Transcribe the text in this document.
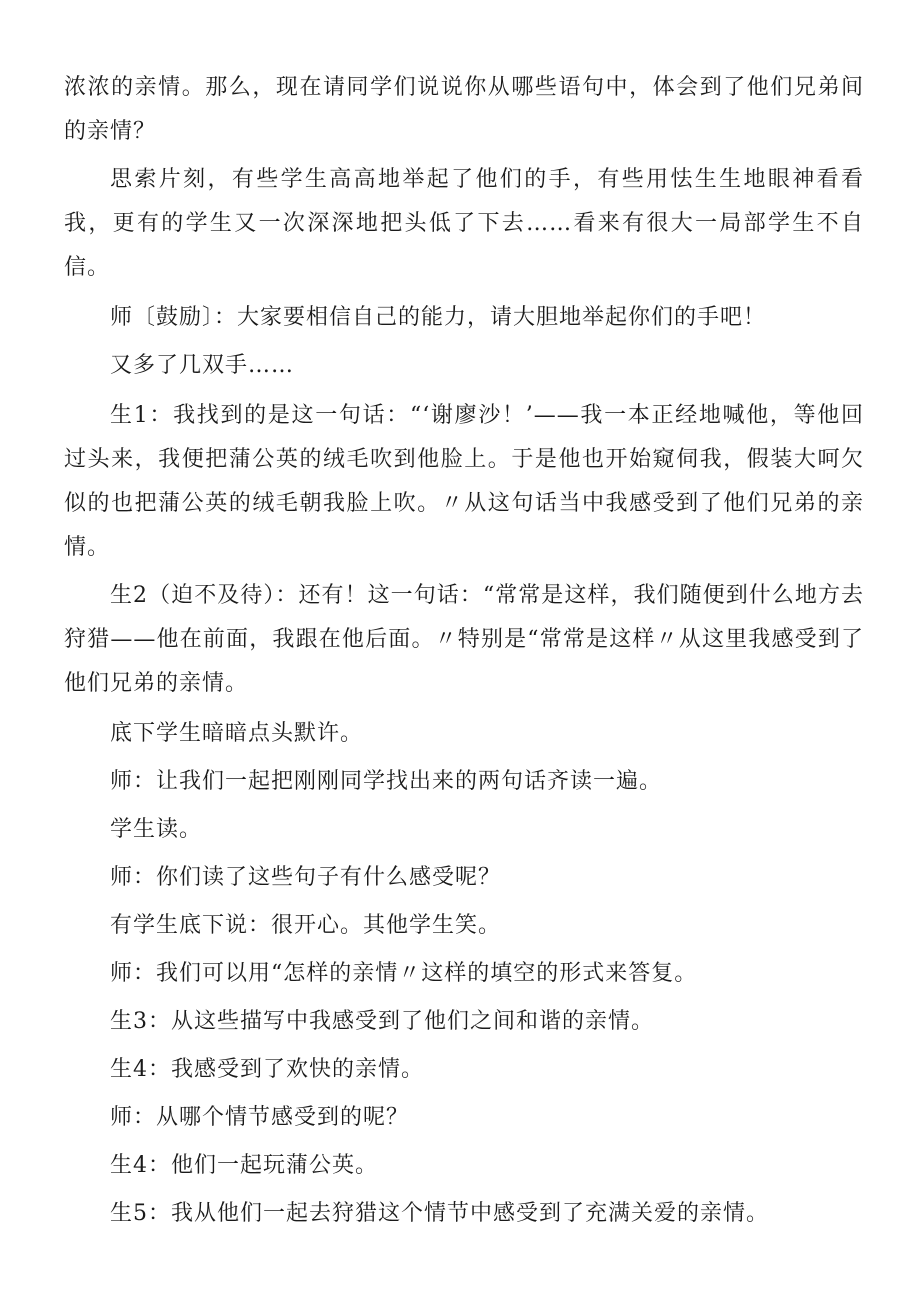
浓浓的亲情。那么，现在请同学们说说你从哪些语句中，体会到了他们兄弟间的亲情？

思索片刻，有些学生高高地举起了他们的手，有些用怯生生地眼神看看我，更有的学生又一次深深地把头低了下去……看来有很大一局部学生不自信。

师〔鼓励〕：大家要相信自己的能力，请大胆地举起你们的手吧！

又多了几双手……

生1：我找到的是这一句话：“‘谢廖沙！’——我一本正经地喊他，等他回过头来，我便把蒲公英的绒毛吹到他脸上。于是他也开始窥伺我，假装大呵欠似的也把蒲公英的绒毛朝我脸上吹。〃从这句话当中我感受到了他们兄弟的亲情。

生2（迫不及待）：还有！这一句话：“常常是这样，我们随便到什么地方去狩猎——他在前面，我跟在他后面。〃特别是“常常是这样〃从这里我感受到了他们兄弟的亲情。

底下学生暗暗点头默许。

师：让我们一起把刚刚同学找出来的两句话齐读一遍。

学生读。

师：你们读了这些句子有什么感受呢？

有学生底下说：很开心。其他学生笑。

师：我们可以用“怎样的亲情〃这样的填空的形式来答复。

生3：从这些描写中我感受到了他们之间和谐的亲情。

生4：我感受到了欢快的亲情。

师：从哪个情节感受到的呢？

生4：他们一起玩蒲公英。

生5：我从他们一起去狩猎这个情节中感受到了充满关爱的亲情。
